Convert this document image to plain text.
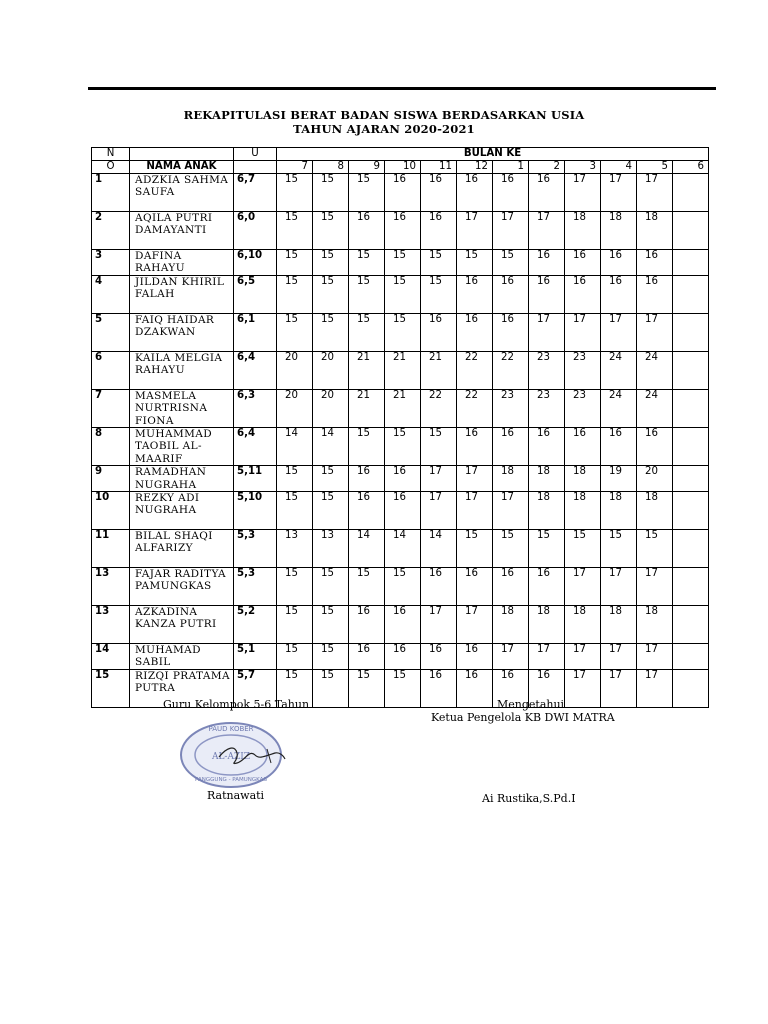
REKAPITULASI BERAT BADAN SISWA BERDASARKAN USIA
TAHUN AJARAN 2020-2021
N		U	BULAN KE											
O	NAMA ANAK		7	8	9	10	11	12	1	2	3	4	5	6
1	ADZKIA SAHMA SAUFA	6,7	15	15	15	16	16	16	16	16	17	17	17	
2	AQILA PUTRI DAMAYANTI	6,0	15	15	16	16	16	17	17	17	18	18	18	
3	DAFINA RAHAYU	6,10	15	15	15	15	15	15	15	16	16	16	16	
4	JILDAN KHIRIL FALAH	6,5	15	15	15	15	15	16	16	16	16	16	16	
5	FAIQ HAIDAR DZAKWAN	6,1	15	15	15	15	16	16	16	17	17	17	17	
6	KAILA MELGIA RAHAYU	6,4	20	20	21	21	21	22	22	23	23	24	24	
7	MASMELA NURTRISNA FIONA	6,3	20	20	21	21	22	22	23	23	23	24	24	
8	MUHAMMAD TAOBIL AL-MAARIF	6,4	14	14	15	15	15	16	16	16	16	16	16	
9	RAMADHAN NUGRAHA	5,11	15	15	16	16	17	17	18	18	18	19	20	
10	REZKY ADI NUGRAHA	5,10	15	15	16	16	17	17	17	18	18	18	18	
11	BILAL SHAQI ALFARIZY	5,3	13	13	14	14	14	15	15	15	15	15	15	
13	FAJAR RADITYA PAMUNGKAS	5,3	15	15	15	15	16	16	16	16	17	17	17	
13	AZKADINA KANZA PUTRI	5,2	15	15	16	16	17	17	18	18	18	18	18	
14	MUHAMAD SABIL	5,1	15	15	16	16	16	16	17	17	17	17	17	
15	RIZQI PRATAMA PUTRA	5,7	15	15	15	15	16	16	16	16	17	17	17	
Guru Kelompok 5-6 Tahun
PAUD KOBER
AL-AZIZ
PANGGUNG - PAMUNGKAS
Ratnawati
Mengetahui
Ketua Pengelola KB DWI MATRA
Ai Rustika,S.Pd.I
